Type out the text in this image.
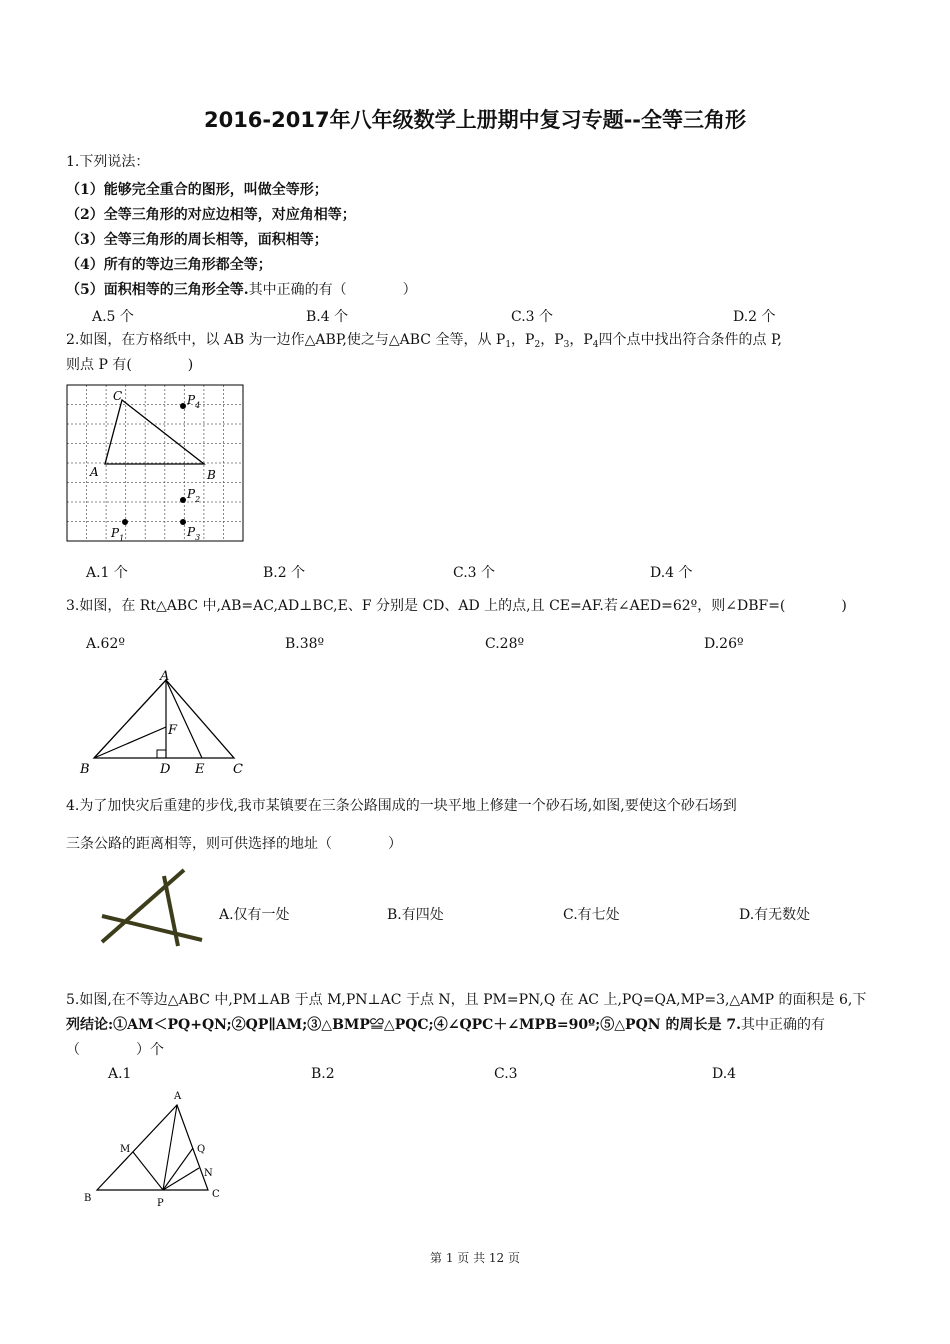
2016-2017年八年级数学上册期中复习专题--全等三角形
1.下列说法：
（1）能够完全重合的图形，叫做全等形；
（2）全等三角形的对应边相等，对应角相等；
（3）全等三角形的周长相等，面积相等；
（4）所有的等边三角形都全等；
（5）面积相等的三角形全等.其中正确的有（　　　　）
A.5 个	B.4 个	C.3 个	D.2 个
2.如图，在方格纸中，以 AB 为一边作△ABP,使之与△ABC 全等，从 $P_1$，$P_2$，$P_3$，$P_4$四个点中找出符合条件的点 P,
则点 P 有(　　　　)
C
A	B
$P_4$
$P_2$
$P_1$	$P_3$
A.1 个	B.2 个	C.3 个	D.4 个
3.如图，在 Rt△ABC 中,AB=AC,AD⊥BC,E、F 分别是 CD、AD 上的点,且 CE=AF.若∠AED=62º，则∠DBF=(　　　　)
A.62º	B.38º	C.28º	D.26º
A
B	D E C
F
4.为了加快灾后重建的步伐,我市某镇要在三条公路围成的一块平地上修建一个砂石场,如图,要使这个砂石场到
三条公路的距离相等，则可供选择的地址（　　　　）
A.仅有一处	B.有四处	C.有七处	D.有无数处
5.如图,在不等边△ABC 中,PM⊥AB 于点 M,PN⊥AC 于点 N，且 PM=PN,Q 在 AC 上,PQ=QA,MP=3,△AMP 的面积是 6,下
列结论:①AM＜PQ+QN;②QP∥AM;③△BMP≌△PQC;④∠QPC＋∠MPB=90º;⑤△PQN 的周长是 7.其中正确的有
（　　　　）个
A.1	B.2	C.3	D.4
A
B	C
M	Q
N
P
第 1 页 共 12 页
